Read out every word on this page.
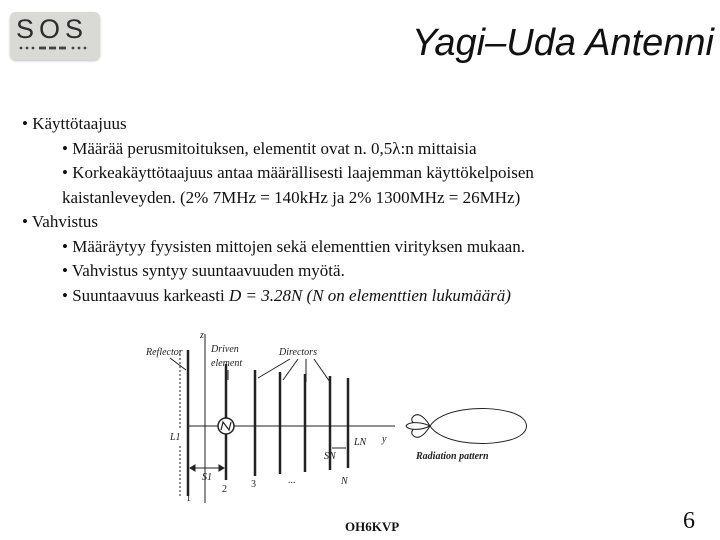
SOS	Yagi–Uda Antenni
• Käyttötaajuus
• Määrää perusmitoituksen, elementit ovat n. 0,5λ:n mittaisia
• Korkeakäyttötaajuus antaa määrällisesti laajemman käyttökelpoisen
kaistanleveyden. (2% 7MHz = 140kHz ja 2% 1300MHz = 26MHz)
• Vahvistus
• Määräytyy fyysisten mittojen sekä elementtien virityksen mukaan.
• Vahvistus syntyy suuntaavuuden myötä.
• Suuntaavuus karkeasti D = 3.28N (N on elementtien lukumäärä)
Reflector	Driven
element
Directors
z
y
L1	LN
SN
S1	N
Radiation pattern
1
2 3	...
OH6KVP	6
